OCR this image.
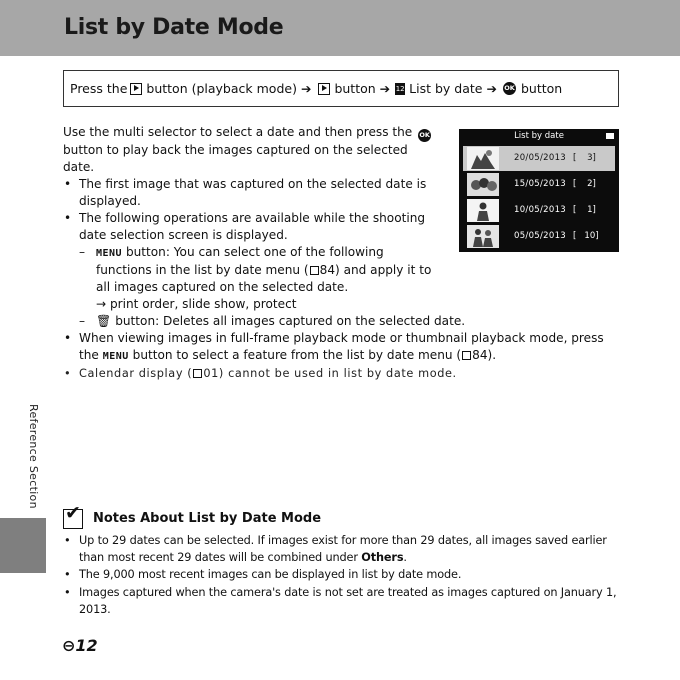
List by Date Mode
Press the button (playback mode) ➔ button ➔ 12 List by date ➔ OK button

Use the multi selector to select a date and then press the OK button to play back the images captured on the selected date.

• The first image that was captured on the selected date is displayed.

• The following operations are available while the shooting date selection screen is displayed.

– MENU button: You can select one of the following functions in the list by date menu ( 84) and apply it to all images captured on the selected date.

→ print order, slide show, protect

– 🗑 button: Deletes all images captured on the selected date.

• When viewing images in full-frame playback mode or thumbnail playback mode, press the MENU button to select a feature from the list by date menu ( 84).

• Calendar display ( 01) cannot be used in list by date mode.

List by date
20/05/2013 [    3]
15/05/2013 [    2]
10/05/2013 [    1]
05/05/2013 [   10]
Reference Section
✔
Notes About List by Date Mode

• Up to 29 dates can be selected. If images exist for more than 29 dates, all images saved earlier than most recent 29 dates will be combined under Others.

• The 9,000 most recent images can be displayed in list by date mode.

• Images captured when the camera's date is not set are treated as images captured on January 1, 2013.

⊖12
